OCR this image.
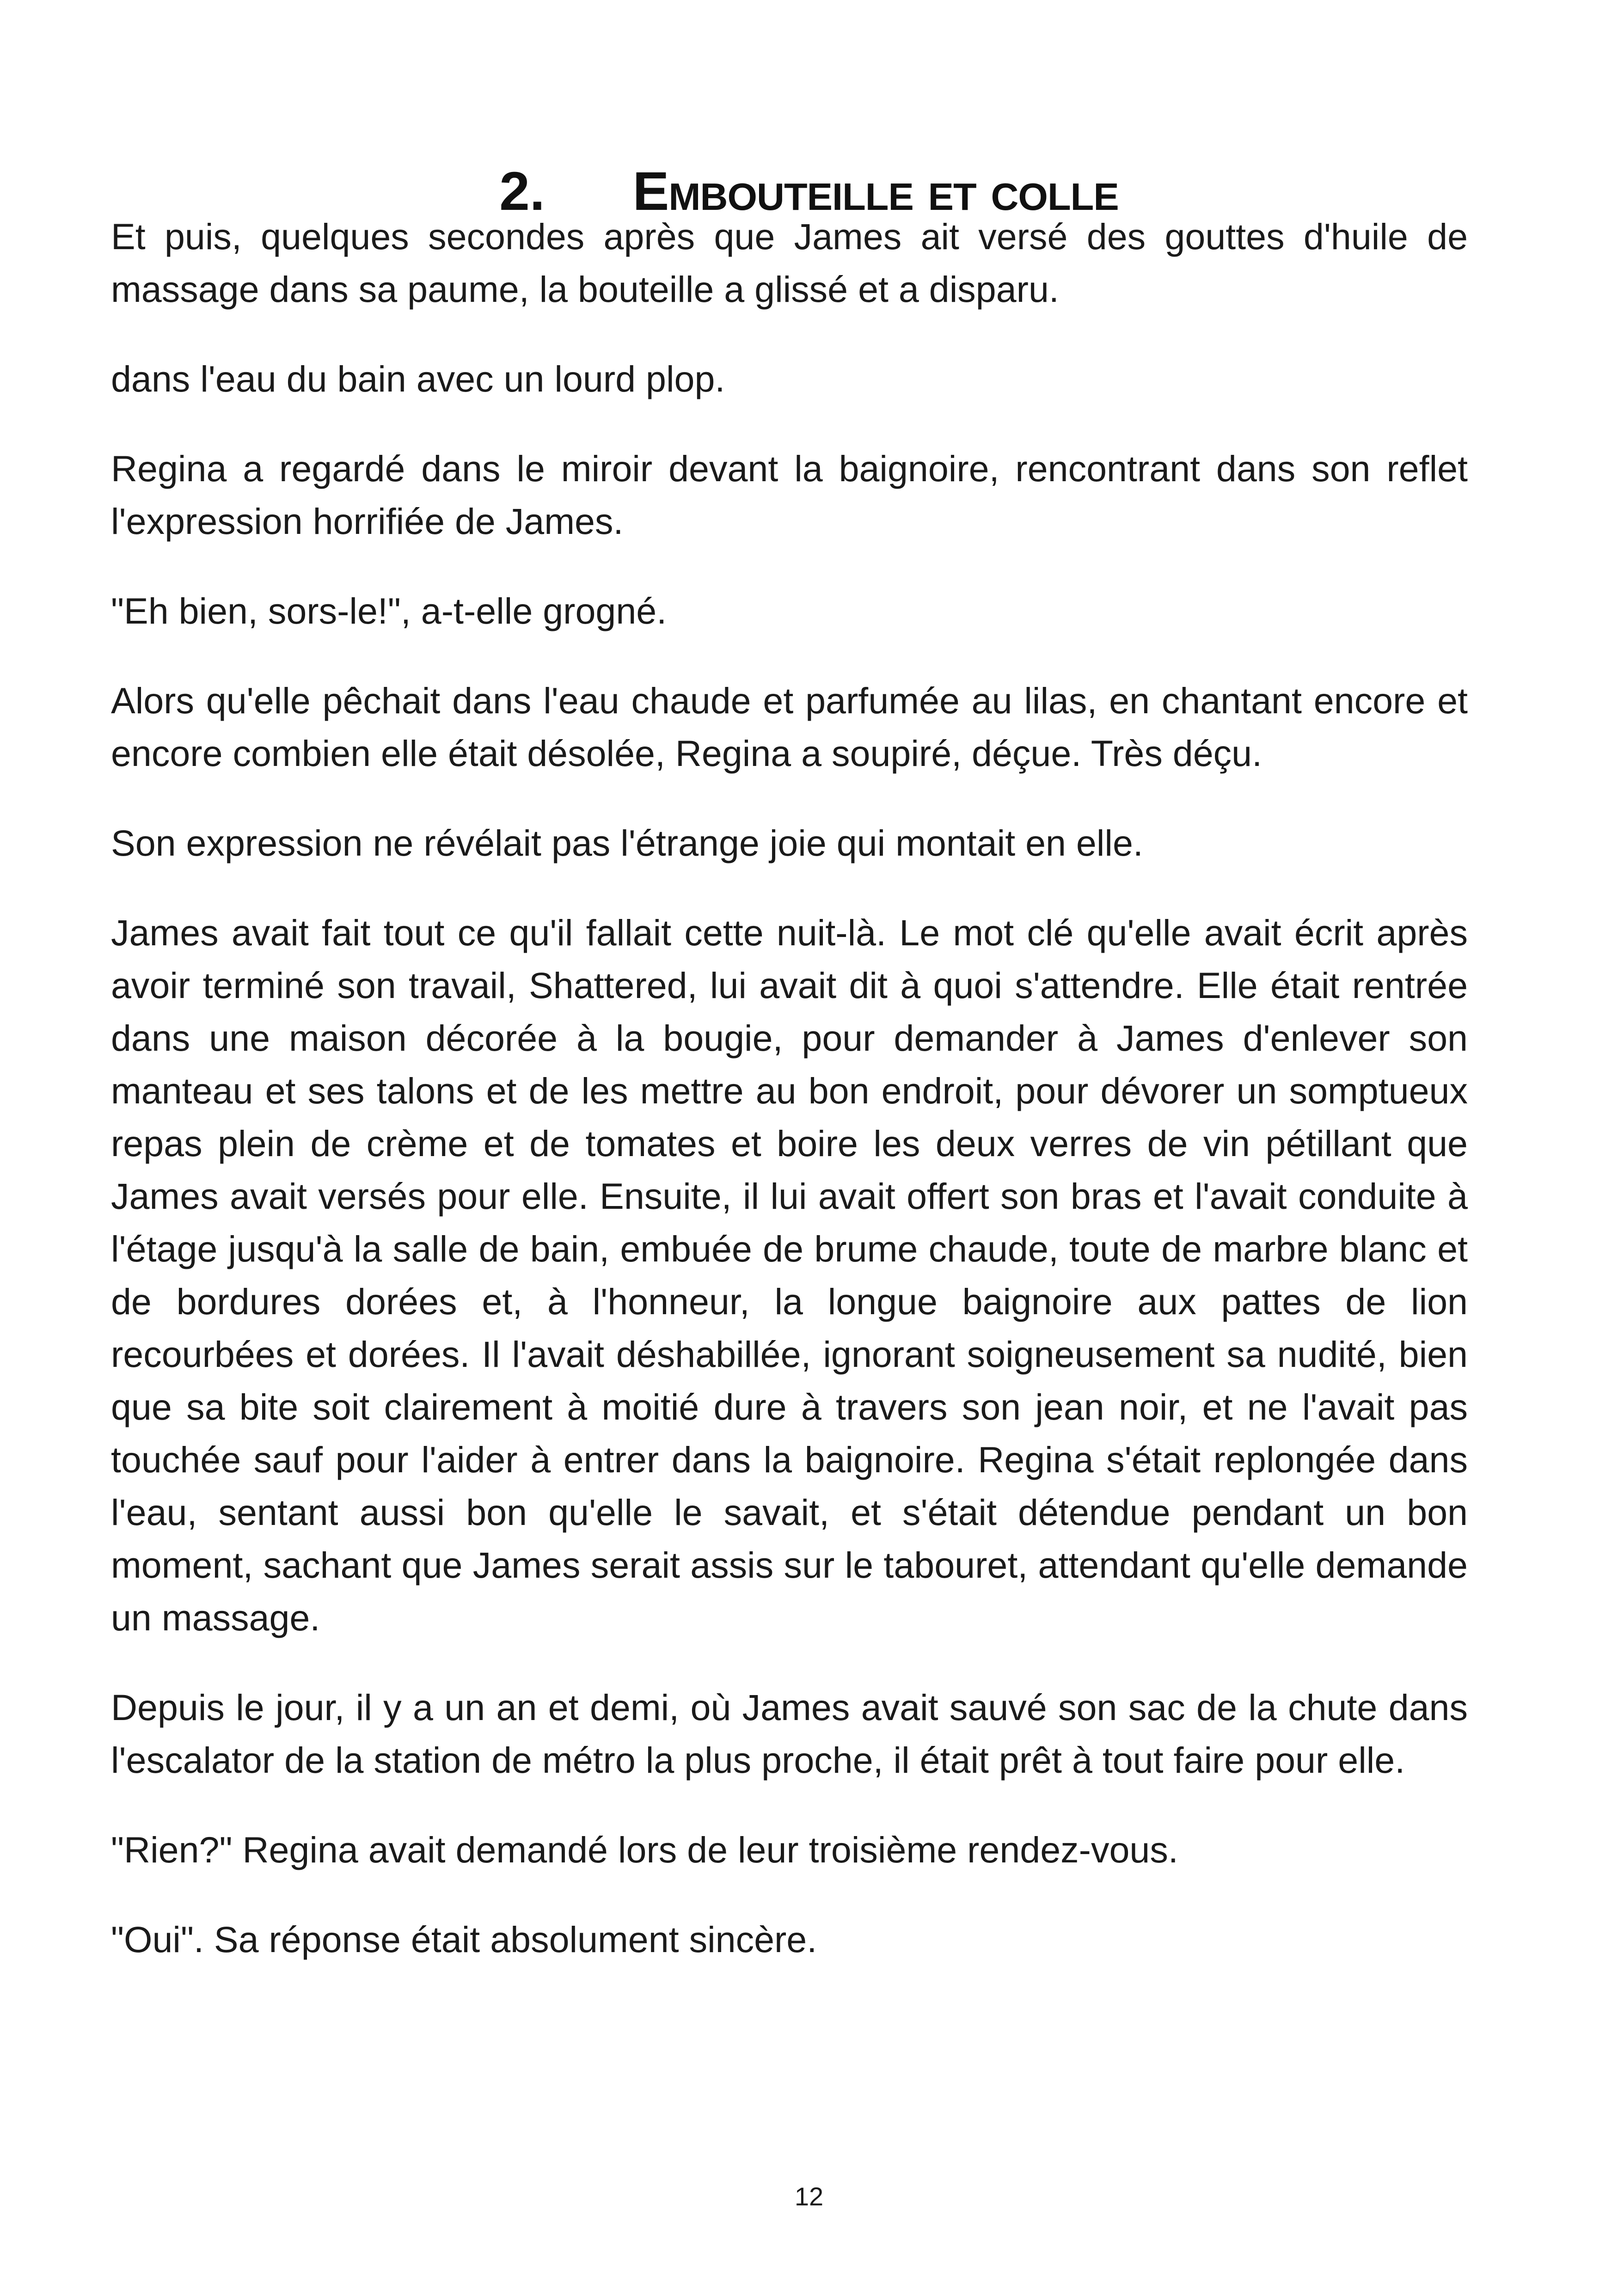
2. Embouteille et colle

Et puis, quelques secondes après que James ait versé des gouttes d'huile de massage dans sa paume, la bouteille a glissé et a disparu.

dans l'eau du bain avec un lourd plop.

Regina a regardé dans le miroir devant la baignoire, rencontrant dans son reflet l'expression horrifiée de James.

"Eh bien, sors-le!", a-t-elle grogné.

Alors qu'elle pêchait dans l'eau chaude et parfumée au lilas, en chantant encore et encore combien elle était désolée, Regina a soupiré, déçue. Très déçu.

Son expression ne révélait pas l'étrange joie qui montait en elle.

James avait fait tout ce qu'il fallait cette nuit-là. Le mot clé qu'elle avait écrit après avoir terminé son travail, Shattered, lui avait dit à quoi s'attendre. Elle était rentrée dans une maison décorée à la bougie, pour demander à James d'enlever son manteau et ses talons et de les mettre au bon endroit, pour dévorer un somptueux repas plein de crème et de tomates et boire les deux verres de vin pétillant que James avait versés pour elle. Ensuite, il lui avait offert son bras et l'avait conduite à l'étage jusqu'à la salle de bain, embuée de brume chaude, toute de marbre blanc et de bordures dorées et, à l'honneur, la longue baignoire aux pattes de lion recourbées et dorées. Il l'avait déshabillée, ignorant soigneusement sa nudité, bien que sa bite soit clairement à moitié dure à travers son jean noir, et ne l'avait pas touchée sauf pour l'aider à entrer dans la baignoire. Regina s'était replongée dans l'eau, sentant aussi bon qu'elle le savait, et s'était détendue pendant un bon moment, sachant que James serait assis sur le tabouret, attendant qu'elle demande un massage.

Depuis le jour, il y a un an et demi, où James avait sauvé son sac de la chute dans l'escalator de la station de métro la plus proche, il était prêt à tout faire pour elle.

"Rien?" Regina avait demandé lors de leur troisième rendez-vous.

"Oui". Sa réponse était absolument sincère.

12
